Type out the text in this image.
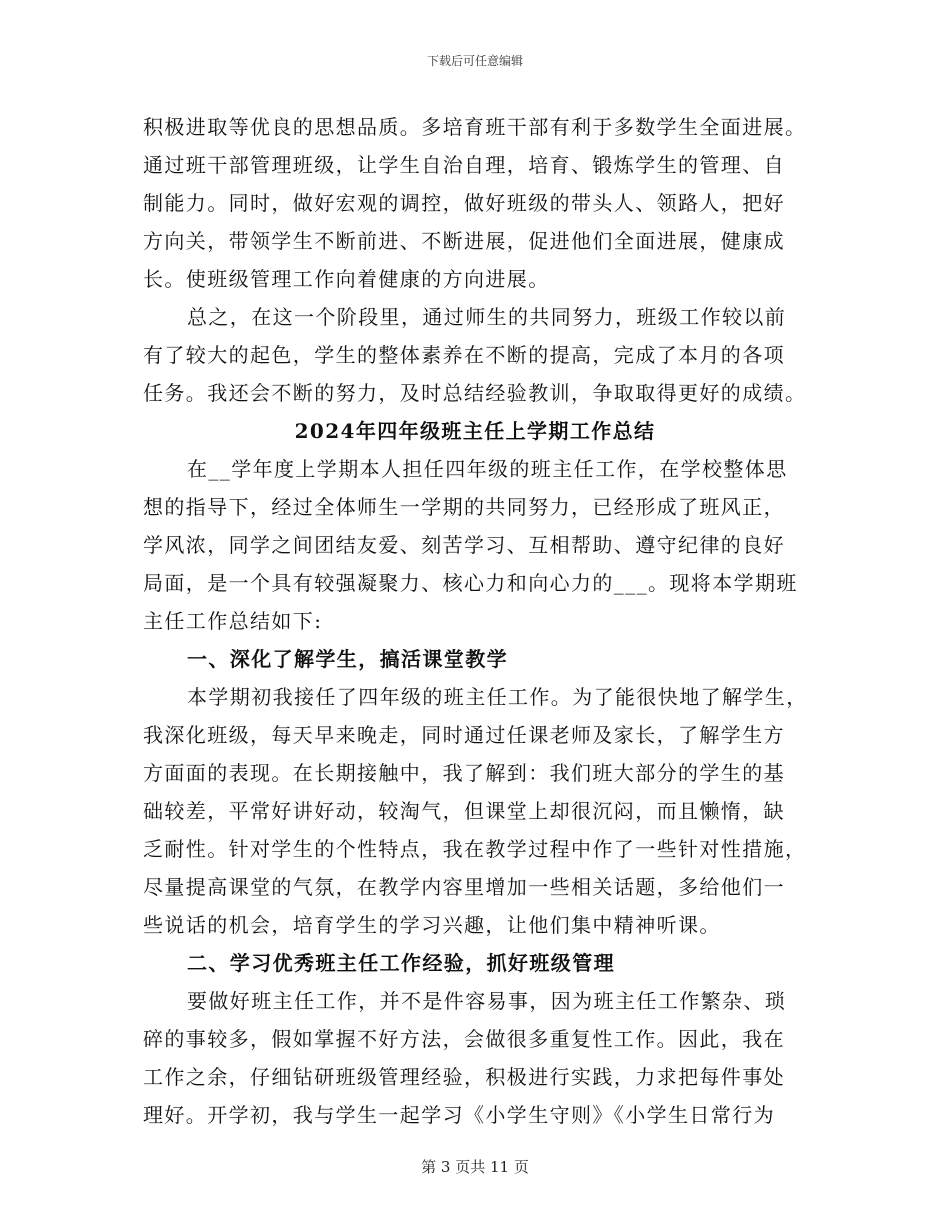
下载后可任意编辑
积极进取等优良的思想品质。多培育班干部有利于多数学生全面进展。
通过班干部管理班级，让学生自治自理，培育、锻炼学生的管理、自
制能力。同时，做好宏观的调控，做好班级的带头人、领路人，把好
方向关，带领学生不断前进、不断进展，促进他们全面进展，健康成
长。使班级管理工作向着健康的方向进展。
总之，在这一个阶段里，通过师生的共同努力，班级工作较以前
有了较大的起色，学生的整体素养在不断的提高，完成了本月的各项
任务。我还会不断的努力，及时总结经验教训，争取取得更好的成绩。
2024年四年级班主任上学期工作总结
在__学年度上学期本人担任四年级的班主任工作，在学校整体思
想的指导下，经过全体师生一学期的共同努力，已经形成了班风正，
学风浓，同学之间团结友爱、刻苦学习、互相帮助、遵守纪律的良好
局面，是一个具有较强凝聚力、核心力和向心力的___。现将本学期班
主任工作总结如下:
一、深化了解学生，搞活课堂教学
本学期初我接任了四年级的班主任工作。为了能很快地了解学生，
我深化班级，每天早来晚走，同时通过任课老师及家长，了解学生方
方面面的表现。在长期接触中，我了解到：我们班大部分的学生的基
础较差，平常好讲好动，较淘气，但课堂上却很沉闷，而且懒惰，缺
乏耐性。针对学生的个性特点，我在教学过程中作了一些针对性措施，
尽量提高课堂的气氛，在教学内容里增加一些相关话题，多给他们一
些说话的机会，培育学生的学习兴趣，让他们集中精神听课。
二、学习优秀班主任工作经验，抓好班级管理
要做好班主任工作，并不是件容易事，因为班主任工作繁杂、琐
碎的事较多，假如掌握不好方法，会做很多重复性工作。因此，我在
工作之余，仔细钻研班级管理经验，积极进行实践，力求把每件事处
理好。开学初，我与学生一起学习《小学生守则》《小学生日常行为
第 3 页共 11 页
